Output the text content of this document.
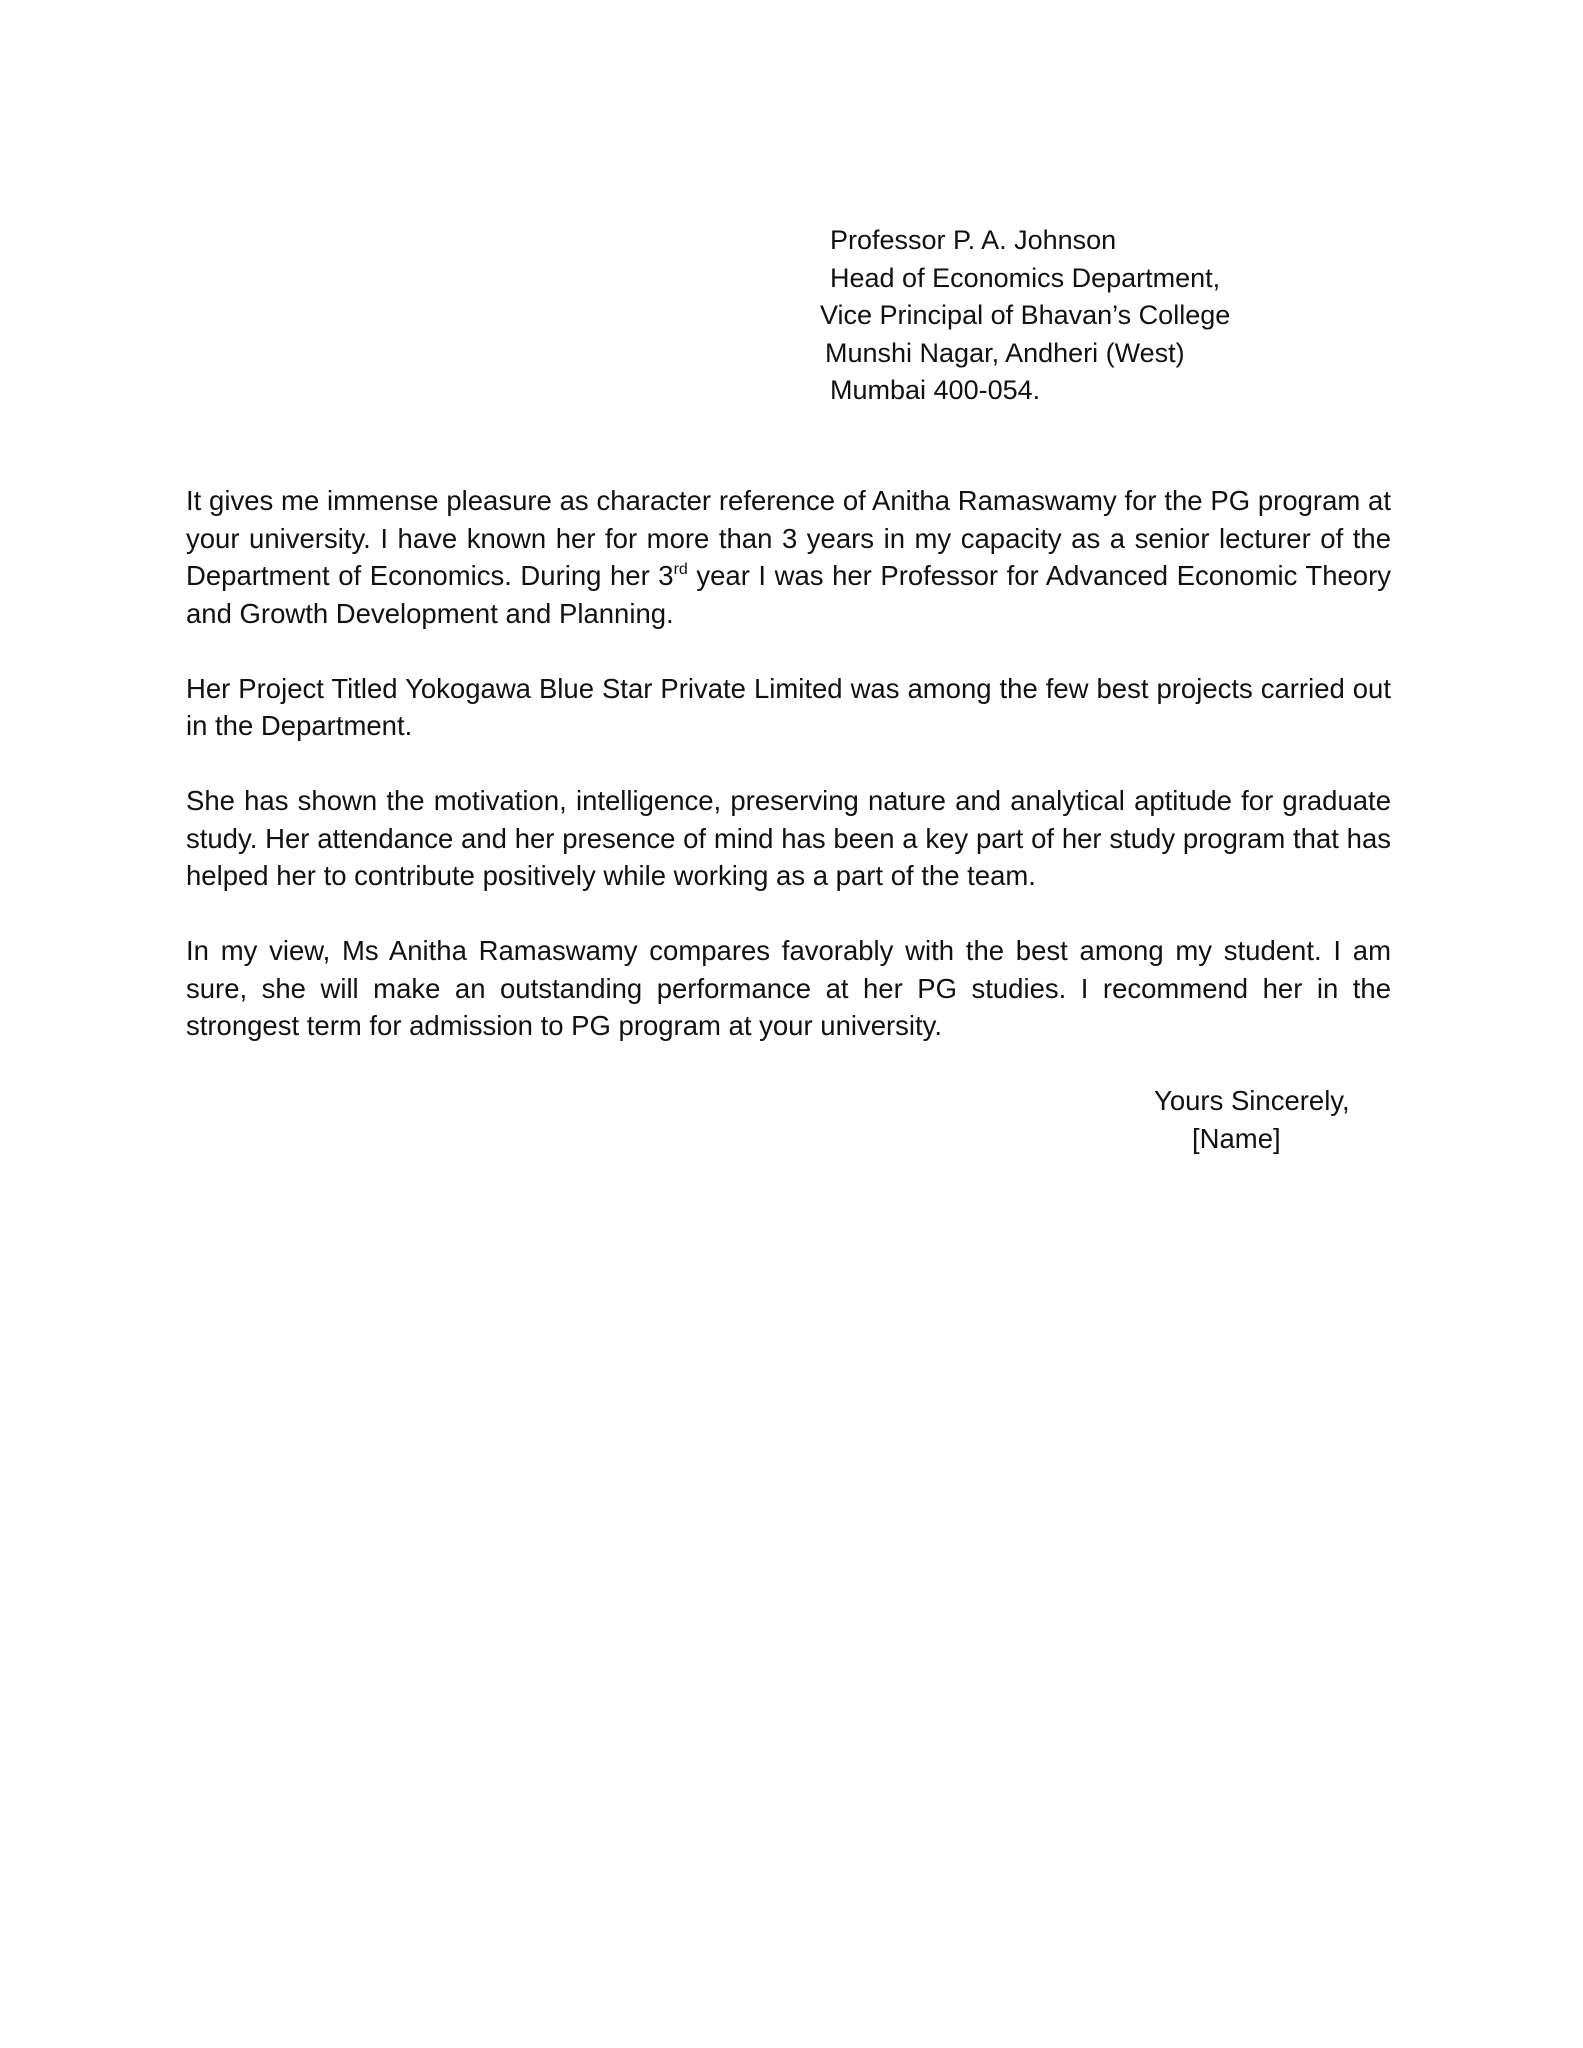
Professor P. A. Johnson
Head of Economics Department,
Vice Principal of Bhavan’s College
Munshi Nagar, Andheri (West)
Mumbai 400-054.

It gives me immense pleasure as character reference of Anitha Ramaswamy for the PG program at your university. I have known her for more than 3 years in my capacity as a senior lecturer of the Department of Economics. During her 3rd year I was her Professor for Advanced Economic Theory and Growth Development and Planning.

Her Project Titled Yokogawa Blue Star Private Limited was among the few best projects carried out in the Department.

She has shown the motivation, intelligence, preserving nature and analytical aptitude for graduate study. Her attendance and her presence of mind has been a key part of her study program that has helped her to contribute positively while working as a part of the team.

In my view, Ms Anitha Ramaswamy compares favorably with the best among my student. I am sure, she will make an outstanding performance at her PG studies. I recommend her in the strongest term for admission to PG program at your university.

Yours Sincerely,
[Name]
